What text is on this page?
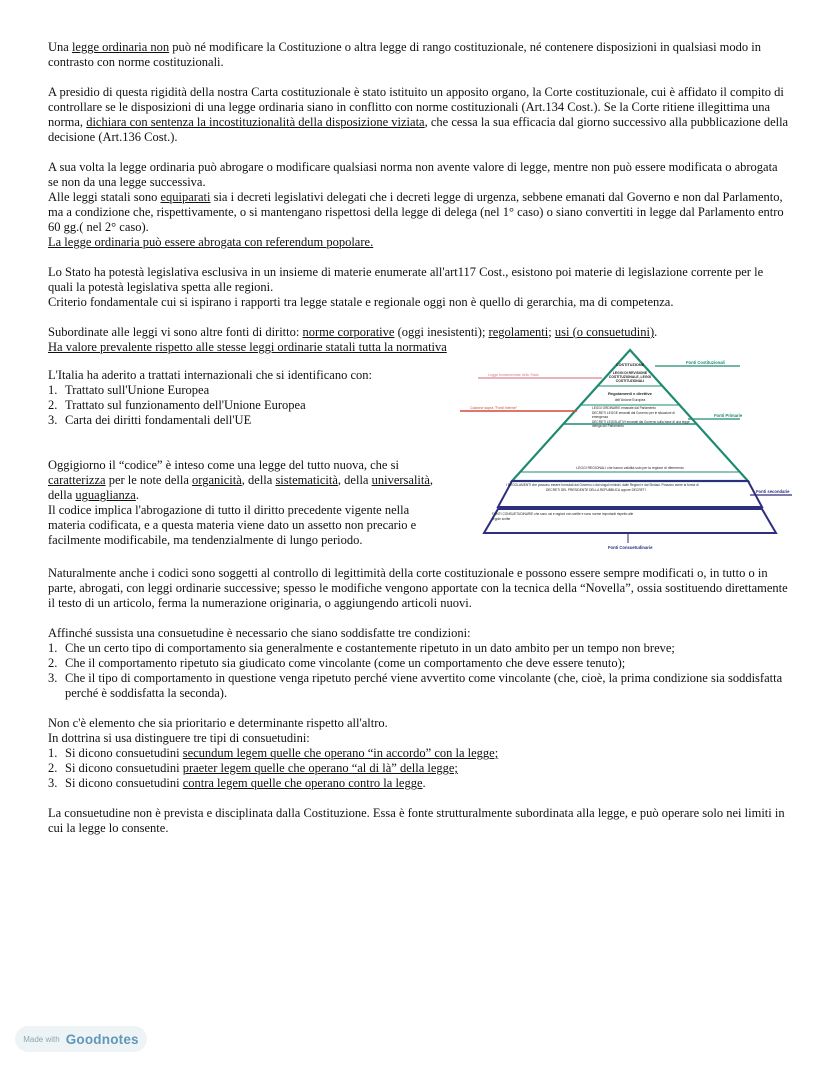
Una legge ordinaria non può né modificare la Costituzione o altra legge di rango costituzionale, né contenere disposizioni in qualsiasi modo in contrasto con norme costituzionali.

A presidio di questa rigidità della nostra Carta costituzionale è stato istituito un apposito organo, la Corte costituzionale, cui è affidato il compito di controllare se le disposizioni di una legge ordinaria siano in conflitto con norme costituzionali (Art.134 Cost.). Se la Corte ritiene illegittima una norma, dichiara con sentenza la incostituzionalità della disposizione viziata, che cessa la sua efficacia dal giorno successivo alla pubblicazione della decisione (Art.136 Cost.).

A sua volta la legge ordinaria può abrogare o modificare qualsiasi norma non avente valore di legge, mentre non può essere modificata o abrogata se non da una legge successiva.

Alle leggi statali sono equiparati sia i decreti legislativi delegati che i decreti legge di urgenza, sebbene emanati dal Governo e non dal Parlamento, ma a condizione che, rispettivamente, o si mantengano rispettosi della legge di delega (nel 1° caso) o siano convertiti in legge dal Parlamento entro 60 gg.( nel 2° caso).

La legge ordinaria può essere abrogata con referendum popolare.

Lo Stato ha potestà legislativa esclusiva in un insieme di materie enumerate all'art117 Cost., esistono poi materie di legislazione corrente per le quali la potestà legislativa spetta alle regioni.

Criterio fondamentale cui si ispirano i rapporti tra legge statale e regionale oggi non è quello di gerarchia, ma di competenza.

Subordinate alle leggi vi sono altre fonti di diritto: norme corporative (oggi inesistenti); regolamenti; usi (o consuetudini).

Ha valore prevalente rispetto alle stesse leggi ordinarie statali tutta la normativa

L'Italia ha aderito a trattati internazionali che si identificano con:

1. Trattato sull'Unione Europea
2. Trattato sul funzionamento dell'Unione Europea
3. Carta dei diritti fondamentali dell'UE

Oggigiorno il “codice” è inteso come una legge del tutto nuova, che si caratterizza per le note della organicità, della sistematicità, della universalità, della uguaglianza.

Il codice implica l'abrogazione di tutto il diritto precedente vigente nella materia codificata, e a questa materia viene dato un assetto non precario e facilmente modificabile, ma tendenzialmente di lungo periodo.

Fonti Costituzionali
Fonti Primarie
Fonti secondarie
Fonti Consuetudinarie
Legge fondamentale dello Stato
Colonne sopra "Fonti Interne"
COSTITUZIONE
LEGGI DI REVISIONE COSTITUZIONALE, LEGGI COSTITUZIONALI
Regolamenti e direttive
dell'Unione Europea
LEGGI ORDINARIE emanate dal Parlamento
DECRETI LEGGE emanati dal Governo per le situazioni di emergenza
DECRETI LEGISLATIVI emanati dal Governo sulla base di una legge delega del Parlamento
LEGGI REGIONALI che hanno validità solo per la regione di riferimento
I REGOLAMENTI che possono essere formulati dal Governo o dai singoli ministri, dalle Regioni e dai Sindaci. Possono avere la forma di
DECRETI DEL PRESIDENTE DELLA REPUBBLICA oppure DECRETI
FONTI CONSUETUDINARIE che sono usi e ragioni non scritte e sono norme importanti rispetto alle
regole scritte

Naturalmente anche i codici sono soggetti al controllo di legittimità della corte costituzionale e possono essere sempre modificati o, in tutto o in parte, abrogati, con leggi ordinarie successive; spesso le modifiche vengono apportate con la tecnica della “Novella”, ossia sostituendo direttamente il testo di un articolo, ferma la numerazione originaria, o aggiungendo articoli nuovi.

Affinché sussista una consuetudine è necessario che siano soddisfatte tre condizioni:

1. Che un certo tipo di comportamento sia generalmente e costantemente ripetuto in un dato ambito per un tempo non breve;
2. Che il comportamento ripetuto sia giudicato come vincolante (come un comportamento che deve essere tenuto);
3. Che il tipo di comportamento in questione venga ripetuto perché viene avvertito come vincolante (che, cioè, la prima condizione sia soddisfatta perché è soddisfatta la seconda).

Non c'è elemento che sia prioritario e determinante rispetto all'altro.

In dottrina si usa distinguere tre tipi di consuetudini:

1. Si dicono consuetudini secundum legem quelle che operano “in accordo” con la legge;
2. Si dicono consuetudini praeter legem quelle che operano “al di là” della legge;
3. Si dicono consuetudini contra legem quelle che operano contro la legge.

La consuetudine non è prevista e disciplinata dalla Costituzione. Essa è fonte strutturalmente subordinata alla legge, e può operare solo nei limiti in cui la legge lo consente.

Made with Goodnotes
